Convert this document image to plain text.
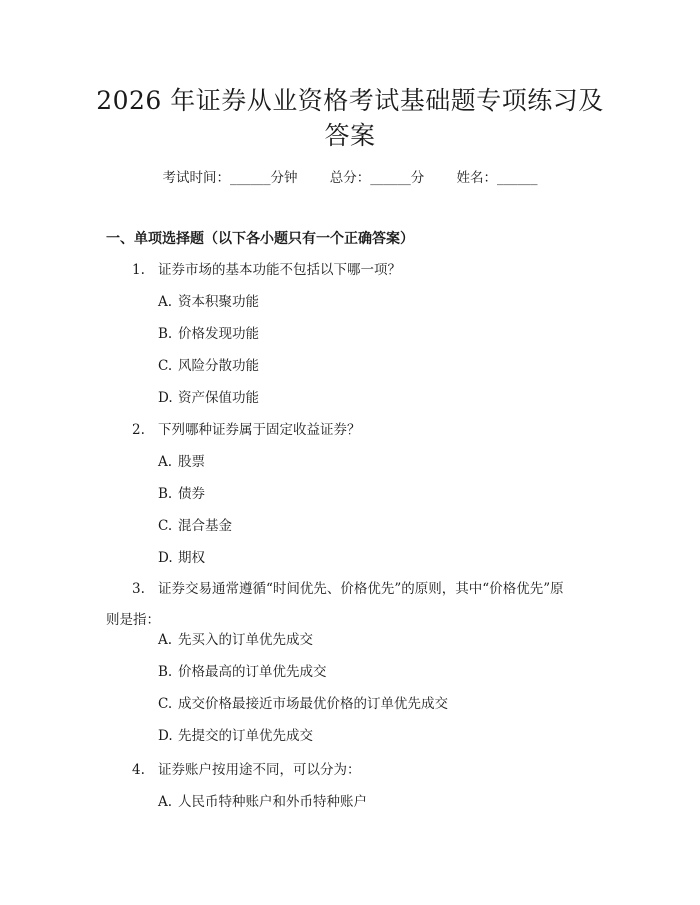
2026 年证券从业资格考试基础题专项练习及
答案
考试时间：______分钟 总分：______分 姓名：______
一、单项选择题（以下各小题只有一个正确答案）
1. 证券市场的基本功能不包括以下哪一项？
A. 资本积聚功能
B. 价格发现功能
C. 风险分散功能
D. 资产保值功能
2. 下列哪种证券属于固定收益证券？
A. 股票
B. 债券
C. 混合基金
D. 期权
3. 证券交易通常遵循“时间优先、价格优先”的原则，其中“价格优先”原则是指：
A. 先买入的订单优先成交
B. 价格最高的订单优先成交
C. 成交价格最接近市场最优价格的订单优先成交
D. 先提交的订单优先成交
4. 证券账户按用途不同，可以分为：
A. 人民币特种账户和外币特种账户
